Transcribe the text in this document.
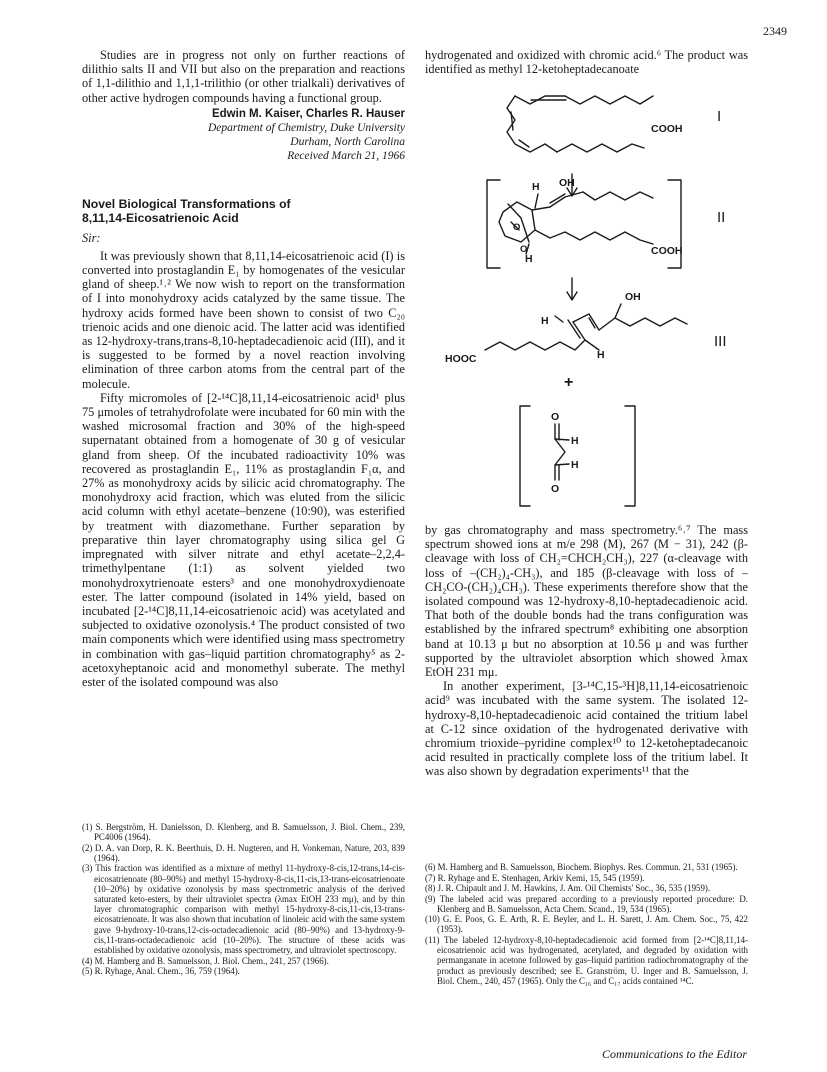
2349

Studies are in progress not only on further reactions of dilithio salts II and VII but also on the preparation and reactions of 1,1-dilithio and 1,1,1-trilithio (or other trialkali) derivatives of other active hydrogen compounds having a functional group.

Edwin M. Kaiser, Charles R. Hauser
Department of Chemistry, Duke University
Durham, North Carolina
Received March 21, 1966
Novel Biological Transformations of
8,11,14-Eicosatrienoic Acid

Sir:

It was previously shown that 8,11,14-eicosatrienoic acid (I) is converted into prostaglandin E₁ by homogenates of the vesicular gland of sheep.¹˒² We now wish to report on the transformation of I into monohydroxy acids catalyzed by the same tissue. The hydroxy acids formed have been shown to consist of two C₂₀ trienoic acids and one dienoic acid. The latter acid was identified as 12-hydroxy-trans,trans-8,10-heptadecadienoic acid (III), and it is suggested to be formed by a novel reaction involving elimination of three carbon atoms from the central part of the molecule.

Fifty micromoles of [2-¹⁴C]8,11,14-eicosatrienoic acid¹ plus 75 μmoles of tetrahydrofolate were incubated for 60 min with the washed microsomal fraction and 30% of the high-speed supernatant obtained from a homogenate of 30 g of vesicular gland from sheep. Of the incubated radioactivity 10% was recovered as prostaglandin E₁, 11% as prostaglandin F₁α, and 27% as monohydroxy acids by silicic acid chromatography. The monohydroxy acid fraction, which was eluted from the silicic acid column with ethyl acetate–benzene (10:90), was esterified by treatment with diazomethane. Further separation by preparative thin layer chromatography using silica gel G impregnated with silver nitrate and ethyl acetate–2,2,4-trimethylpentane (1:1) as solvent yielded two monohydroxytrienoate esters³ and one monohydroxydienoate ester. The latter compound (isolated in 14% yield, based on incubated [2-¹⁴C]8,11,14-eicosatrienoic acid) was acetylated and subjected to oxidative ozonolysis.⁴ The product consisted of two main components which were identified using mass spectrometry in combination with gas–liquid partition chromatography⁵ as 2-acetoxyheptanoic acid and monomethyl suberate. The methyl ester of the isolated compound was also

(1) S. Bergström, H. Danielsson, D. Klenberg, and B. Samuelsson, J. Biol. Chem., 239, PC4006 (1964).

(2) D. A. van Dorp, R. K. Beerthuis, D. H. Nugteren, and H. Vonkeman, Nature, 203, 839 (1964).

(3) This fraction was identified as a mixture of methyl 11-hydroxy-8-cis,12-trans,14-cis-eicosatrienoate (80–90%) and methyl 15-hydroxy-8-cis,11-cis,13-trans-eicosatrienoate (10–20%) by oxidative ozonolysis by mass spectrometric analysis of the derived saturated keto-esters, by their ultraviolet spectra (λmax EtOH 233 mμ), and by thin layer chromatographic comparison with methyl 15-hydroxy-8-cis,11-cis,13-trans-eicosatrienoate. It was also shown that incubation of linoleic acid with the same system gave 9-hydroxy-10-trans,12-cis-octadecadienoic acid (80–90%) and 13-hydroxy-9-cis,11-trans-octadecadienoic acid (10–20%). The structure of these acids was established by oxidative ozonolysis, mass spectrometry, and ultraviolet spectroscopy.

(4) M. Hamberg and B. Samuelsson, J. Biol. Chem., 241, 257 (1966).

(5) R. Ryhage, Anal. Chem., 36, 759 (1964).

hydrogenated and oxidized with chromic acid.⁶ The product was identified as methyl 12-ketoheptadecanoate

COOH
I
H OH
H
O
O	COOH
II
OH
H
H
HOOC
III
+
O
H
H
O

by gas chromatography and mass spectrometry.⁶˒⁷ The mass spectrum showed ions at m/e 298 (M), 267 (M − 31), 242 (β-cleavage with loss of CH₂=CHCH₂CH₃), 227 (α-cleavage with loss of –(CH₂)₄-CH₃), and 185 (β-cleavage with loss of –CH₂CO-(CH₂)₄CH₃). These experiments therefore show that the isolated compound was 12-hydroxy-8,10-heptadecadienoic acid. That both of the double bonds had the trans configuration was established by the infrared spectrum⁸ exhibiting one absorption band at 10.13 μ but no absorption at 10.56 μ and was further supported by the ultraviolet absorption which showed λmax EtOH 231 mμ.

In another experiment, [3-¹⁴C,15-³H]8,11,14-eicosatrienoic acid⁹ was incubated with the same system. The isolated 12-hydroxy-8,10-heptadecadienoic acid contained the tritium label at C-12 since oxidation of the hydrogenated derivative with chromium trioxide–pyridine complex¹⁰ to 12-ketoheptadecanoic acid resulted in practically complete loss of the tritium label. It was also shown by degradation experiments¹¹ that the

(6) M. Hamberg and B. Samuelsson, Biochem. Biophys. Res. Commun. 21, 531 (1965).

(7) R. Ryhage and E. Stenhagen, Arkiv Kemi, 15, 545 (1959).

(8) J. R. Chipault and J. M. Hawkins, J. Am. Oil Chemists' Soc., 36, 535 (1959).

(9) The labeled acid was prepared according to a previously reported procedure: D. Klenberg and B. Samuelsson, Acta Chem. Scand., 19, 534 (1965).

(10) G. E. Poos, G. E. Arth, R. E. Beyler, and L. H. Sarett, J. Am. Chem. Soc., 75, 422 (1953).

(11) The labeled 12-hydroxy-8,10-heptadecadienoic acid formed from [2-¹⁴C]8,11,14-eicosatrienoic acid was hydrogenated, acetylated, and degraded by oxidation with permanganate in acetone followed by gas–liquid partition radiochromatography of the product as previously described; see E. Granström, U. Inger and B. Samuelsson, J. Biol. Chem., 240, 457 (1965). Only the C₁₆ and C₁₇ acids contained ¹⁴C.

Communications to the Editor
